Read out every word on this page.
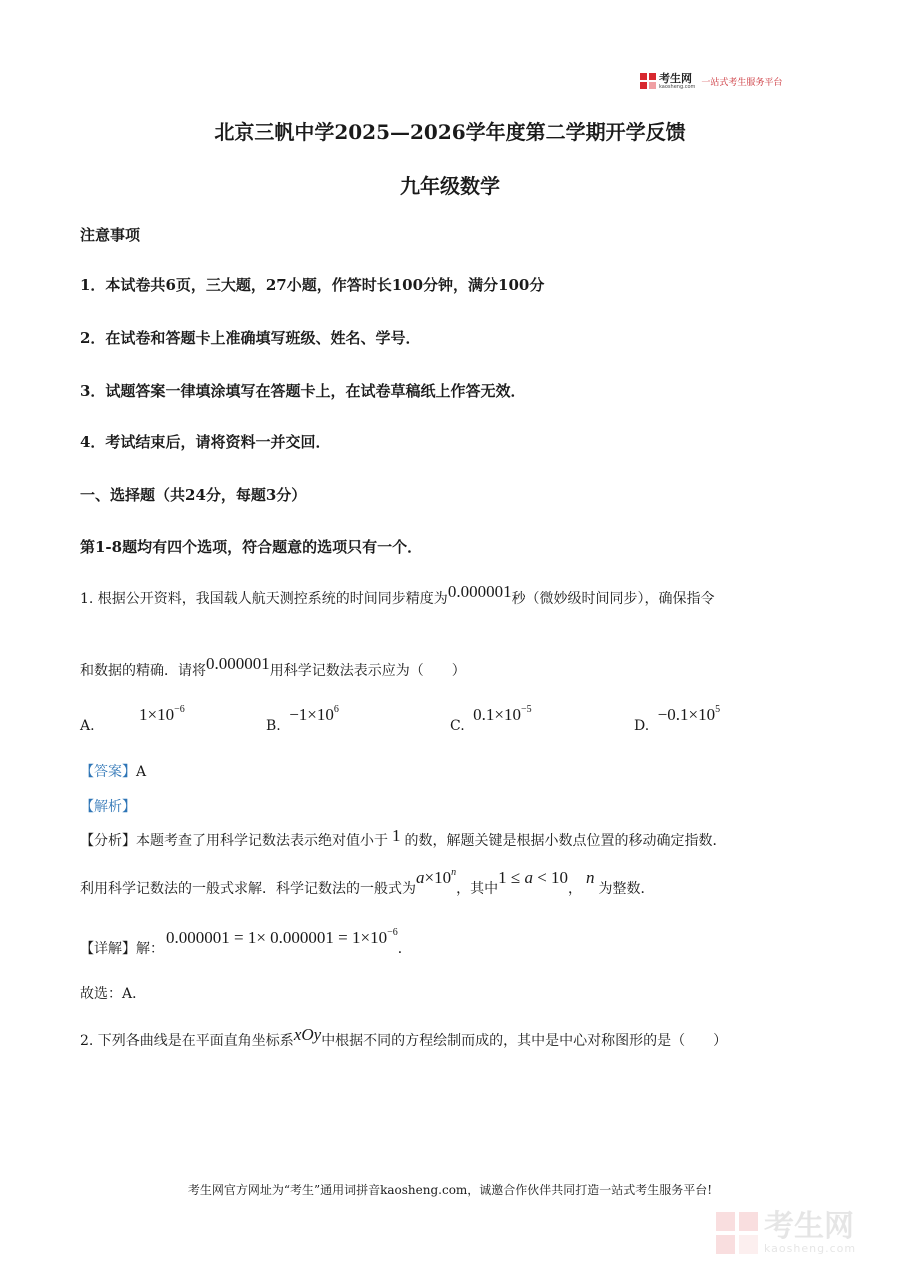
考生网
kaosheng.com 一站式考生服务平台
北京三帆中学2025—2026学年度第二学期开学反馈
九年级数学
注意事项
1．本试卷共6页，三大题，27小题，作答时长100分钟，满分100分
2．在试卷和答题卡上准确填写班级、姓名、学号．
3．试题答案一律填涂填写在答题卡上，在试卷草稿纸上作答无效．
4．考试结束后，请将资料一并交回．
一、选择题（共24分，每题3分）
第1-8题均有四个选项，符合题意的选项只有一个．
1. 根据公开资料，我国载人航天测控系统的时间同步精度为0.000001秒（微妙级时间同步），确保指令
和数据的精确．请将0.000001用科学记数法表示应为（　　）
A. $1\times 10^{-6}$
B. $-1\times 10^6$
C. $0.1\times 10^{-5}$
D. $-0.1\times 10^5$
【答案】A
【解析】
【分析】本题考查了用科学记数法表示绝对值小于 1 的数，解题关键是根据小数点位置的移动确定指数．
利用科学记数法的一般式求解．科学记数法的一般式为$a\times 10^n$，其中1 ≤ a < 10，n为整数．
【详解】解：$0.000001 = 1\times 0.000001 = 1\times 10^{-6}$．
故选：A．
2. 下列各曲线是在平面直角坐标系xOy中根据不同的方程绘制而成的，其中是中心对称图形的是（　　）
考生网官方网址为“考生”通用词拼音kaosheng.com，诚邀合作伙伴共同打造一站式考生服务平台!
考生网
kaosheng.com
